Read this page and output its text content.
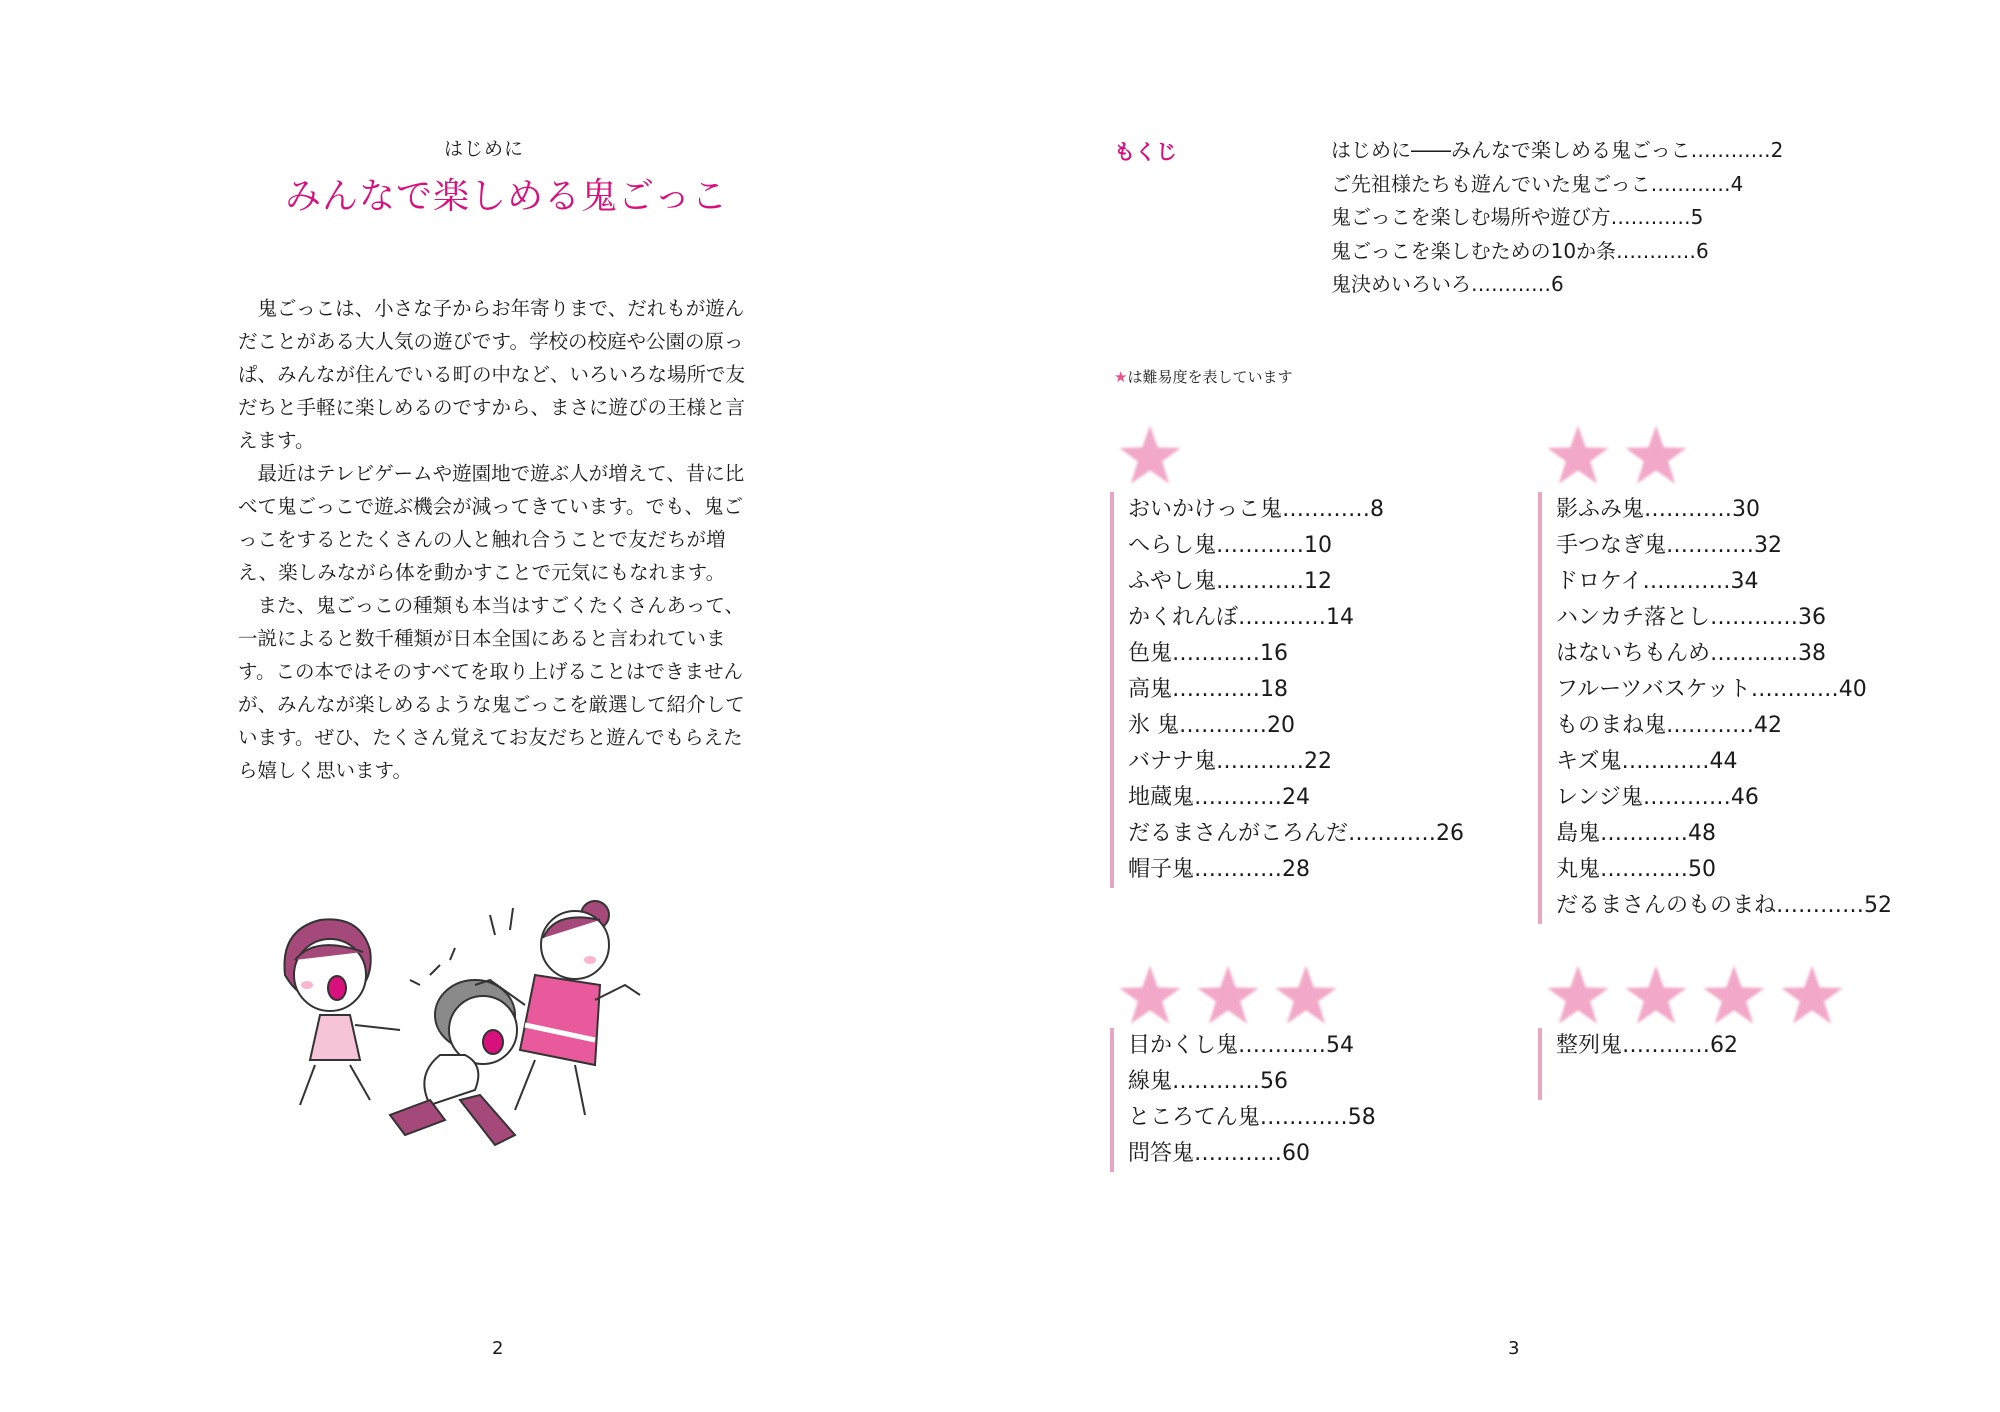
はじめに
みんなで楽しめる鬼ごっこ

鬼ごっこは、小さな子からお年寄りまで、だれもが遊んだことがある大人気の遊びです。学校の校庭や公園の原っぱ、みんなが住んでいる町の中など、いろいろな場所で友だちと手軽に楽しめるのですから、まさに遊びの王様と言えます。

最近はテレビゲームや遊園地で遊ぶ人が増えて、昔に比べて鬼ごっこで遊ぶ機会が減ってきています。でも、鬼ごっこをするとたくさんの人と触れ合うことで友だちが増え、楽しみながら体を動かすことで元気にもなれます。

また、鬼ごっこの種類も本当はすごくたくさんあって、一説によると数千種類が日本全国にあると言われています。この本ではそのすべてを取り上げることはできませんが、みんなが楽しめるような鬼ごっこを厳選して紹介しています。ぜひ、たくさん覚えてお友だちと遊んでもらえたら嬉しく思います。

2
もくじ	はじめに――みんなで楽しめる鬼ごっこ…………2
ご先祖様たちも遊んでいた鬼ごっこ…………4
鬼ごっこを楽しむ場所や遊び方…………5
鬼ごっこを楽しむための10か条…………6
鬼決めいろいろ…………6
★は難易度を表しています
おいかけっこ鬼…………8
へらし鬼…………10
ふやし鬼…………12
かくれんぼ…………14
色鬼…………16
高鬼…………18
氷 鬼…………20
バナナ鬼…………22
地蔵鬼…………24
だるまさんがころんだ…………26
帽子鬼…………28
影ふみ鬼…………30
手つなぎ鬼…………32
ドロケイ…………34
ハンカチ落とし…………36
はないちもんめ…………38
フルーツバスケット…………40
ものまね鬼…………42
キズ鬼…………44
レンジ鬼…………46
島鬼…………48
丸鬼…………50
だるまさんのものまね…………52
目かくし鬼…………54
線鬼…………56
ところてん鬼…………58
問答鬼…………60
整列鬼…………62
3
